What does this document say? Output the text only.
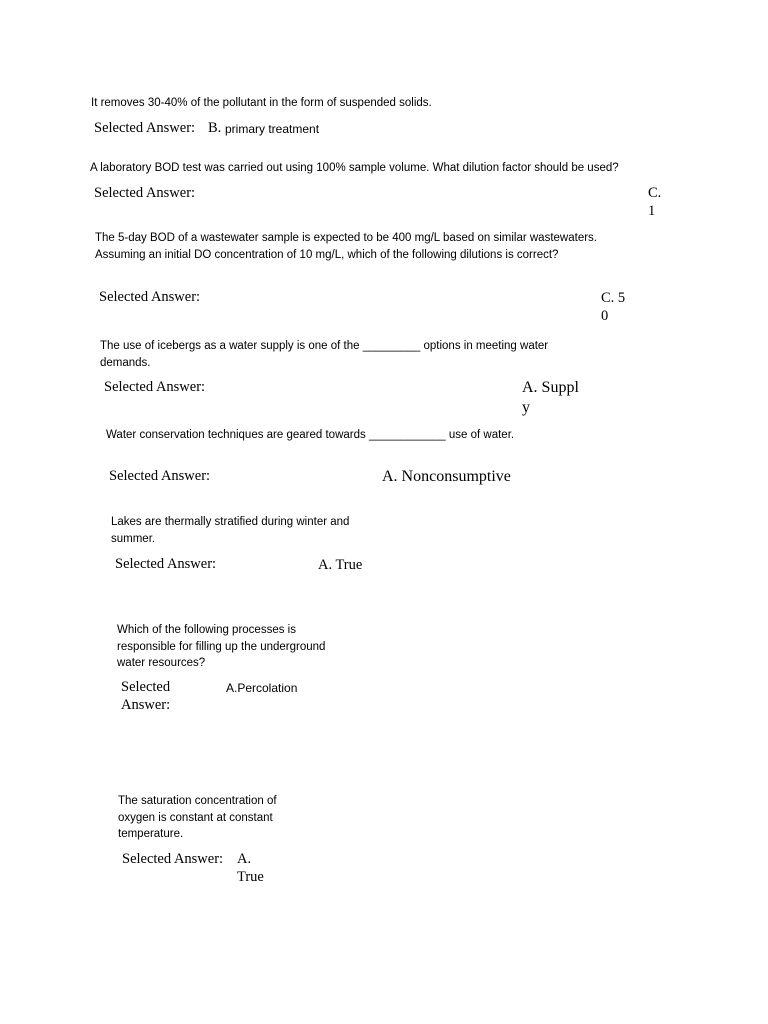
It removes 30-40% of the pollutant in the form of suspended solids.
Selected Answer: B. primary treatment
A laboratory BOD test was carried out using 100% sample volume. What dilution factor should be used?
Selected Answer:	C. 1
The 5-day BOD of a wastewater sample is expected to be 400 mg/L based on similar wastewaters. Assuming an initial DO concentration of 10 mg/L, which of the following dilutions is correct?
Selected Answer:	C. 50
The use of icebergs as a water supply is one of the _________ options in meeting water demands.
Selected Answer:	A. Supply
Water conservation techniques are geared towards ____________ use of water.
Selected Answer:	A. Nonconsumptive
Lakes are thermally stratified during winter and summer.
Selected Answer:	A. True
Which of the following processes is responsible for filling up the underground water resources?
Selected Answer:
A.Percolation
The saturation concentration of oxygen is constant at constant temperature.
Selected Answer: A. True
